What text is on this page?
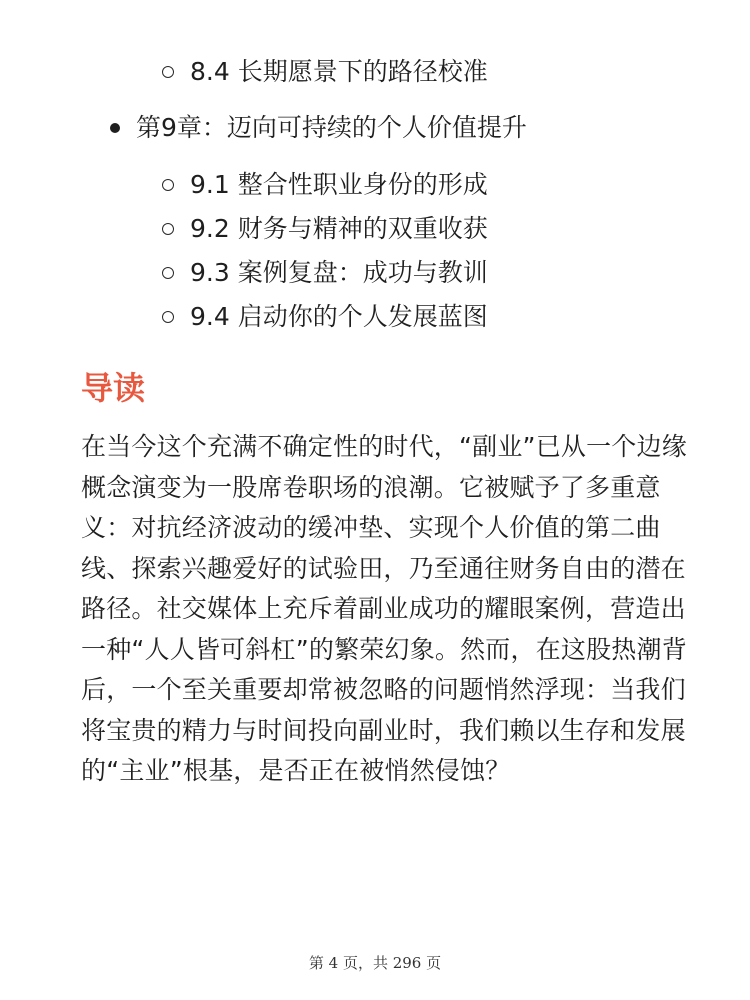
8.4 长期愿景下的路径校准
第9章：迈向可持续的个人价值提升
9.1 整合性职业身份的形成
9.2 财务与精神的双重收获
9.3 案例复盘：成功与教训
9.4 启动你的个人发展蓝图
导读

在当今这个充满不确定性的时代，“副业”已从一个边缘概念演变为一股席卷职场的浪潮。它被赋予了多重意义：对抗经济波动的缓冲垫、实现个人价值的第二曲线、探索兴趣爱好的试验田，乃至通往财务自由的潜在路径。社交媒体上充斥着副业成功的耀眼案例，营造出一种“人人皆可斜杠”的繁荣幻象。然而，在这股热潮背后，一个至关重要却常被忽略的问题悄然浮现：当我们将宝贵的精力与时间投向副业时，我们赖以生存和发展的“主业”根基，是否正在被悄然侵蚀？

第 4 页，共 296 页
